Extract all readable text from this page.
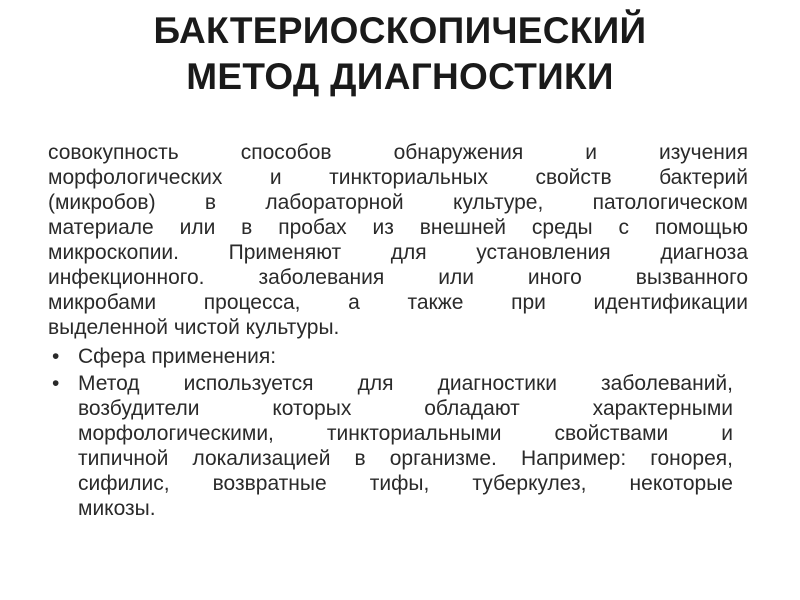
БАКТЕРИОСКОПИЧЕСКИЙ
МЕТОД ДИАГНОСТИКИ
совокупность способов обнаружения и изучения
морфологических и тинкториальных свойств бактерий
(микробов) в лабораторной культуре, патологическом
материале или в пробах из внешней среды с помощью
микроскопии. Применяют для установления диагноза
инфекционного. заболевания или иного вызванного
микробами процесса, а также при идентификации
выделенной чистой культуры.
• Сфера применения:
• Метод используется для диагностики заболеваний,
возбудители которых обладают характерными
морфологическими, тинкториальными свойствами и
типичной локализацией в организме. Например: гонорея,
сифилис, возвратные тифы, туберкулез, некоторые
микозы.
